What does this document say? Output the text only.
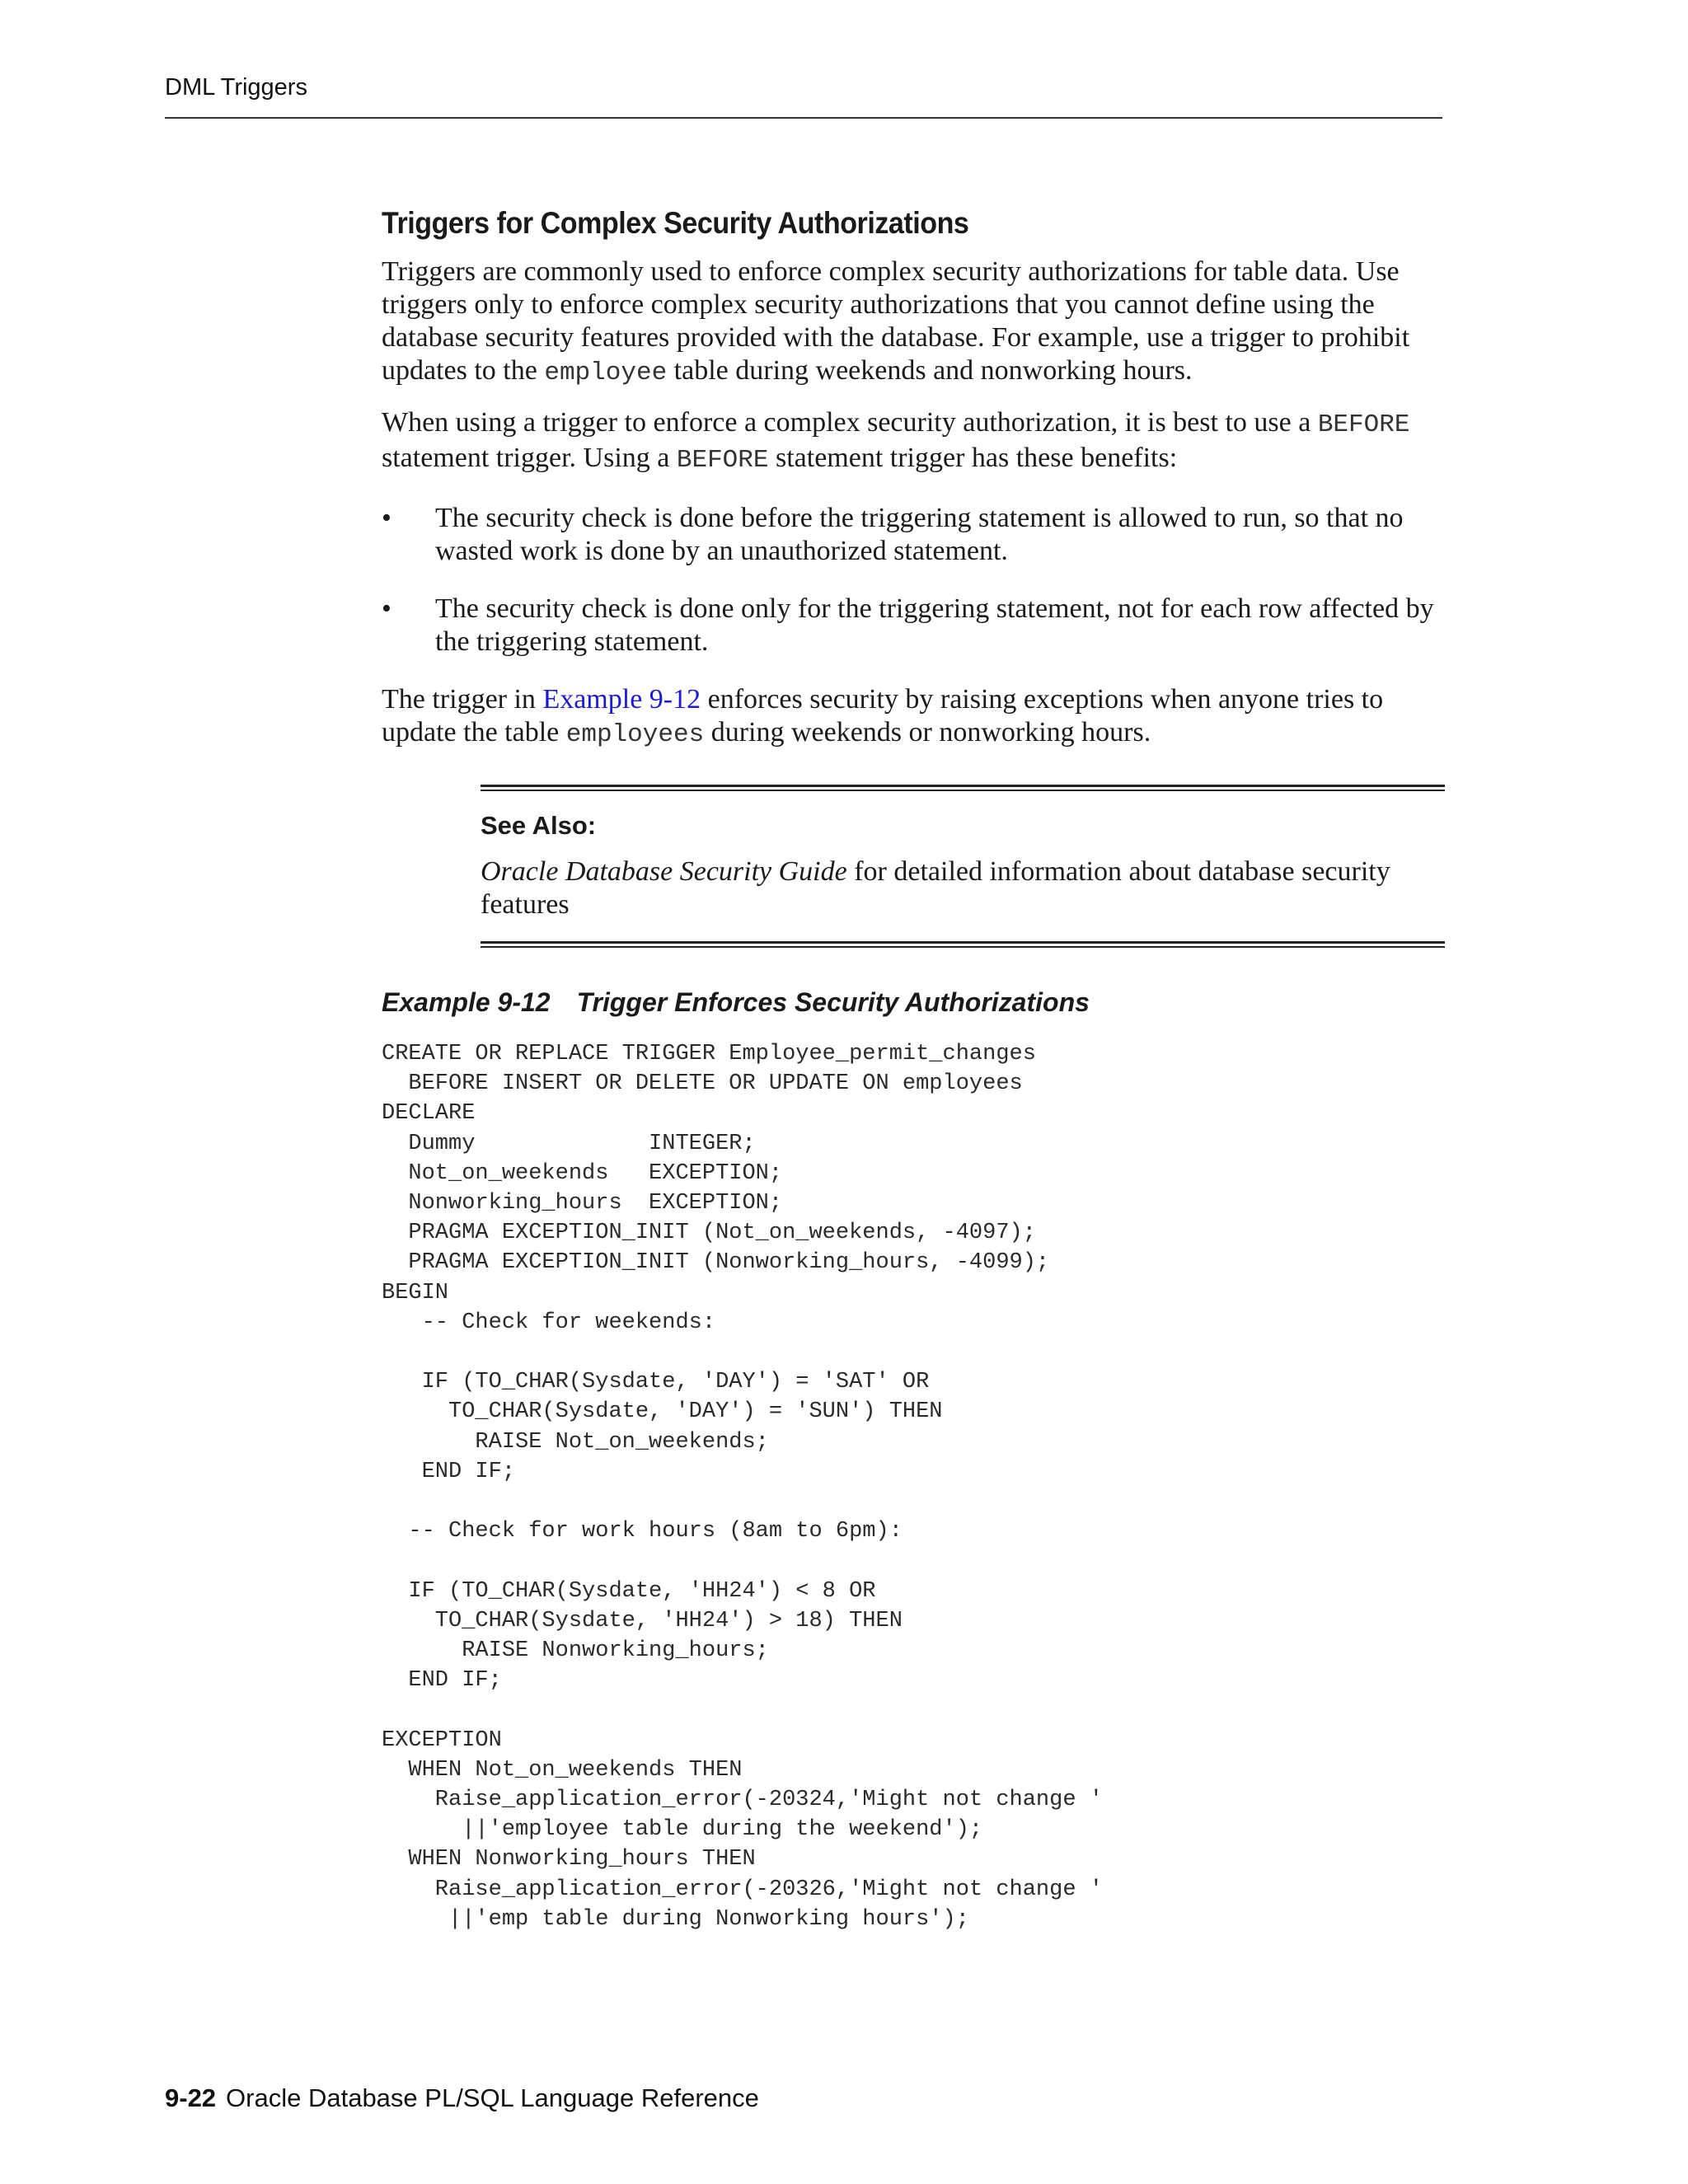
DML Triggers
Triggers for Complex Security Authorizations

Triggers are commonly used to enforce complex security authorizations for table data. Use triggers only to enforce complex security authorizations that you cannot define using the database security features provided with the database. For example, use a trigger to prohibit updates to the employee table during weekends and nonworking hours.

When using a trigger to enforce a complex security authorization, it is best to use a BEFORE statement trigger. Using a BEFORE statement trigger has these benefits:

• The security check is done before the triggering statement is allowed to run, so that no wasted work is done by an unauthorized statement.
• The security check is done only for the triggering statement, not for each row affected by the triggering statement.

The trigger in Example 9-12 enforces security by raising exceptions when anyone tries to update the table employees during weekends or nonworking hours.

See Also:

Oracle Database Security Guide for detailed information about database security features

Example 9-12 Trigger Enforces Security Authorizations
CREATE OR REPLACE TRIGGER Employee_permit_changes
BEFORE INSERT OR DELETE OR UPDATE ON employees
DECLARE
Dummy             INTEGER;
Not_on_weekends   EXCEPTION;
Nonworking_hours  EXCEPTION;
PRAGMA EXCEPTION_INIT (Not_on_weekends, -4097);
PRAGMA EXCEPTION_INIT (Nonworking_hours, -4099);
BEGIN
-- Check for weekends:

IF (TO_CHAR(Sysdate, 'DAY') = 'SAT' OR
TO_CHAR(Sysdate, 'DAY') = 'SUN') THEN
RAISE Not_on_weekends;
END IF;

-- Check for work hours (8am to 6pm):

IF (TO_CHAR(Sysdate, 'HH24') < 8 OR
TO_CHAR(Sysdate, 'HH24') > 18) THEN
RAISE Nonworking_hours;
END IF;

EXCEPTION
WHEN Not_on_weekends THEN
Raise_application_error(-20324,'Might not change '
||'employee table during the weekend');
WHEN Nonworking_hours THEN
Raise_application_error(-20326,'Might not change '
||'emp table during Nonworking hours');
9-22 Oracle Database PL/SQL Language Reference
